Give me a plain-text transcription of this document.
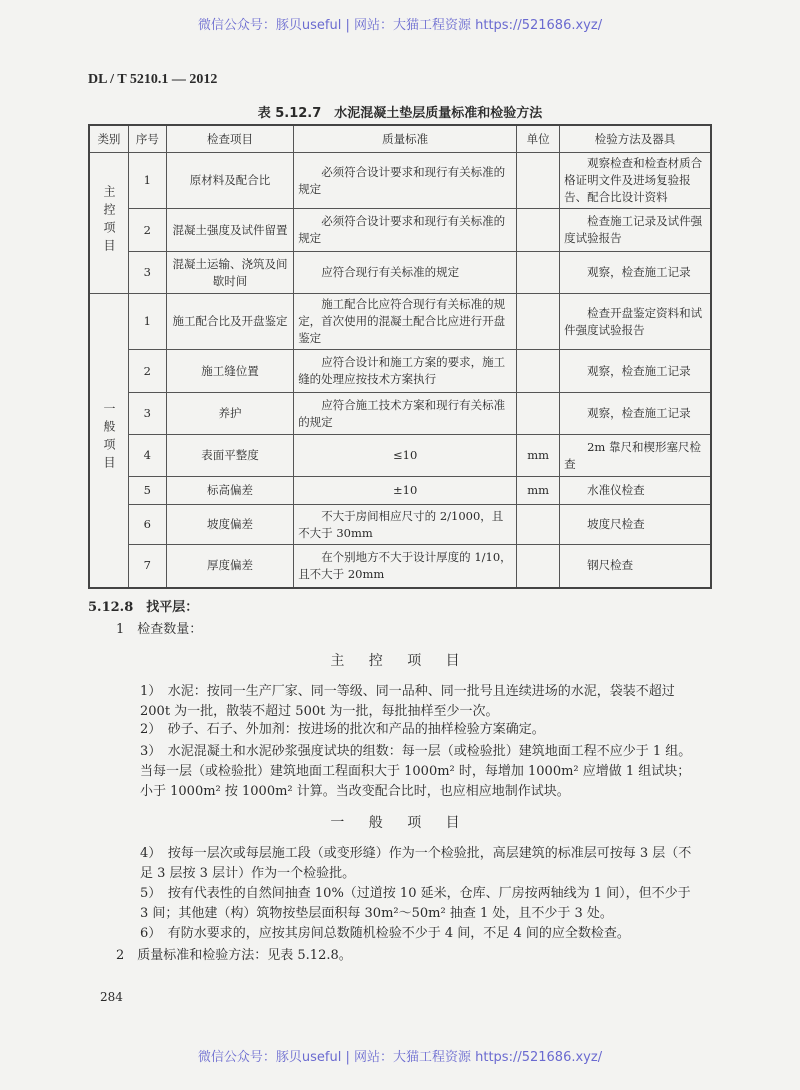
微信公众号：豚贝useful | 网站：大猫工程资源 https://521686.xyz/
DL / T 5210.1 — 2012
表 5.12.7　水泥混凝土垫层质量标准和检验方法
类别	序号	检查项目	质量标准	单位	检验方法及器具
主控项目	1	原材料及配合比	必须符合设计要求和现行有关标准的规定		观察检查和检查材质合格证明文件及进场复验报告、配合比设计资料
	2	混凝土强度及试件留置	必须符合设计要求和现行有关标准的规定		检查施工记录及试件强度试验报告
	3	混凝土运输、浇筑及间歇时间	应符合现行有关标准的规定		观察，检查施工记录
一般项目	1	施工配合比及开盘鉴定	施工配合比应符合现行有关标准的规定，首次使用的混凝土配合比应进行开盘鉴定		检查开盘鉴定资料和试件强度试验报告
	2	施工缝位置	应符合设计和施工方案的要求，施工缝的处理应按技术方案执行		观察，检查施工记录
	3	养护	应符合施工技术方案和现行有关标准的规定		观察，检查施工记录
	4	表面平整度	≤10	mm	2m 靠尺和楔形塞尺检查
	5	标高偏差	±10	mm	水准仪检查
	6	坡度偏差	不大于房间相应尺寸的 2/1000，且不大于 30mm		坡度尺检查
	7	厚度偏差	在个别地方不大于设计厚度的 1/10，且不大于 20mm		钢尺检查
5.12.8　找平层：
1　检查数量：
主 控 项 目
1）　水泥：按同一生产厂家、同一等级、同一品种、同一批号且连续进场的水泥，袋装不超过
200t 为一批，散装不超过 500t 为一批，每批抽样至少一次。
2）　砂子、石子、外加剂：按进场的批次和产品的抽样检验方案确定。
3）　水泥混凝土和水泥砂浆强度试块的组数：每一层（或检验批）建筑地面工程不应少于 1 组。
当每一层（或检验批）建筑地面工程面积大于 1000m² 时，每增加 1000m² 应增做 1 组试块；
小于 1000m² 按 1000m² 计算。当改变配合比时，也应相应地制作试块。
一 般 项 目
4）　按每一层次或每层施工段（或变形缝）作为一个检验批，高层建筑的标准层可按每 3 层（不
足 3 层按 3 层计）作为一个检验批。
5）　按有代表性的自然间抽查 10%（过道按 10 延米，仓库、厂房按两轴线为 1 间），但不少于
3 间；其他建（构）筑物按垫层面积每 30m²～50m² 抽查 1 处，且不少于 3 处。
6）　有防水要求的，应按其房间总数随机检验不少于 4 间，不足 4 间的应全数检查。
2　质量标准和检验方法：见表 5.12.8。
284
微信公众号：豚贝useful | 网站：大猫工程资源 https://521686.xyz/
